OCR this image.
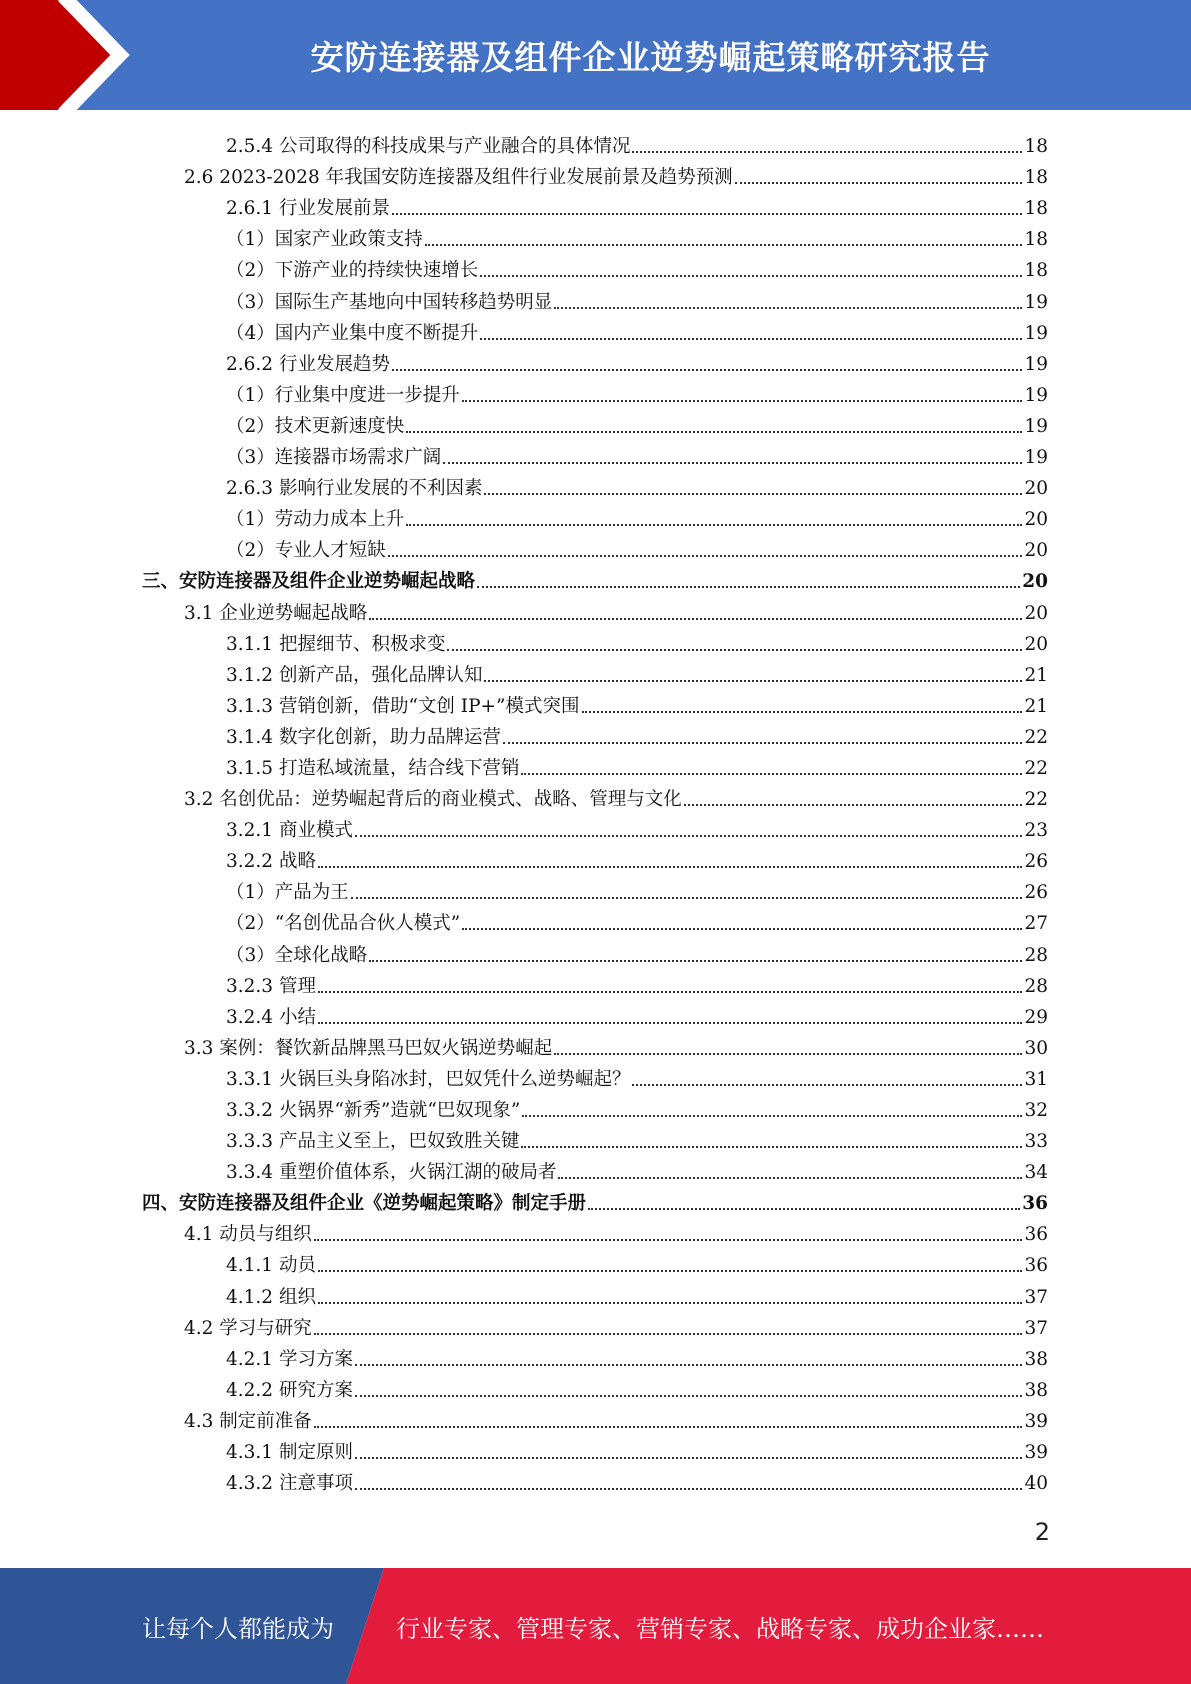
安防连接器及组件企业逆势崛起策略研究报告
2.5.4 公司取得的科技成果与产业融合的具体情况	18
2.6 2023-2028 年我国安防连接器及组件行业发展前景及趋势预测	18
2.6.1 行业发展前景	18
（1）国家产业政策支持	18
（2）下游产业的持续快速增长	18
（3）国际生产基地向中国转移趋势明显	19
（4）国内产业集中度不断提升	19
2.6.2 行业发展趋势	19
（1）行业集中度进一步提升	19
（2）技术更新速度快	19
（3）连接器市场需求广阔	19
2.6.3 影响行业发展的不利因素	20
（1）劳动力成本上升	20
（2）专业人才短缺	20
三、安防连接器及组件企业逆势崛起战略	20
3.1 企业逆势崛起战略	20
3.1.1 把握细节、积极求变	20
3.1.2 创新产品，强化品牌认知	21
3.1.3 营销创新，借助“文创 IP+”模式突围	21
3.1.4 数字化创新，助力品牌运营	22
3.1.5 打造私域流量，结合线下营销	22
3.2 名创优品：逆势崛起背后的商业模式、战略、管理与文化	22
3.2.1 商业模式	23
3.2.2 战略	26
（1）产品为王	26
（2）“名创优品合伙人模式”	27
（3）全球化战略	28
3.2.3 管理	28
3.2.4 小结	29
3.3 案例：餐饮新品牌黑马巴奴火锅逆势崛起	30
3.3.1 火锅巨头身陷冰封，巴奴凭什么逆势崛起？	31
3.3.2 火锅界“新秀”造就“巴奴现象”	32
3.3.3 产品主义至上，巴奴致胜关键	33
3.3.4 重塑价值体系，火锅江湖的破局者	34
四、安防连接器及组件企业《逆势崛起策略》制定手册	36
4.1 动员与组织	36
4.1.1 动员	36
4.1.2 组织	37
4.2 学习与研究	37
4.2.1 学习方案	38
4.2.2 研究方案	38
4.3 制定前准备	39
4.3.1 制定原则	39
4.3.2 注意事项	40
2
让每个人都能成为	行业专家、管理专家、营销专家、战略专家、成功企业家……
